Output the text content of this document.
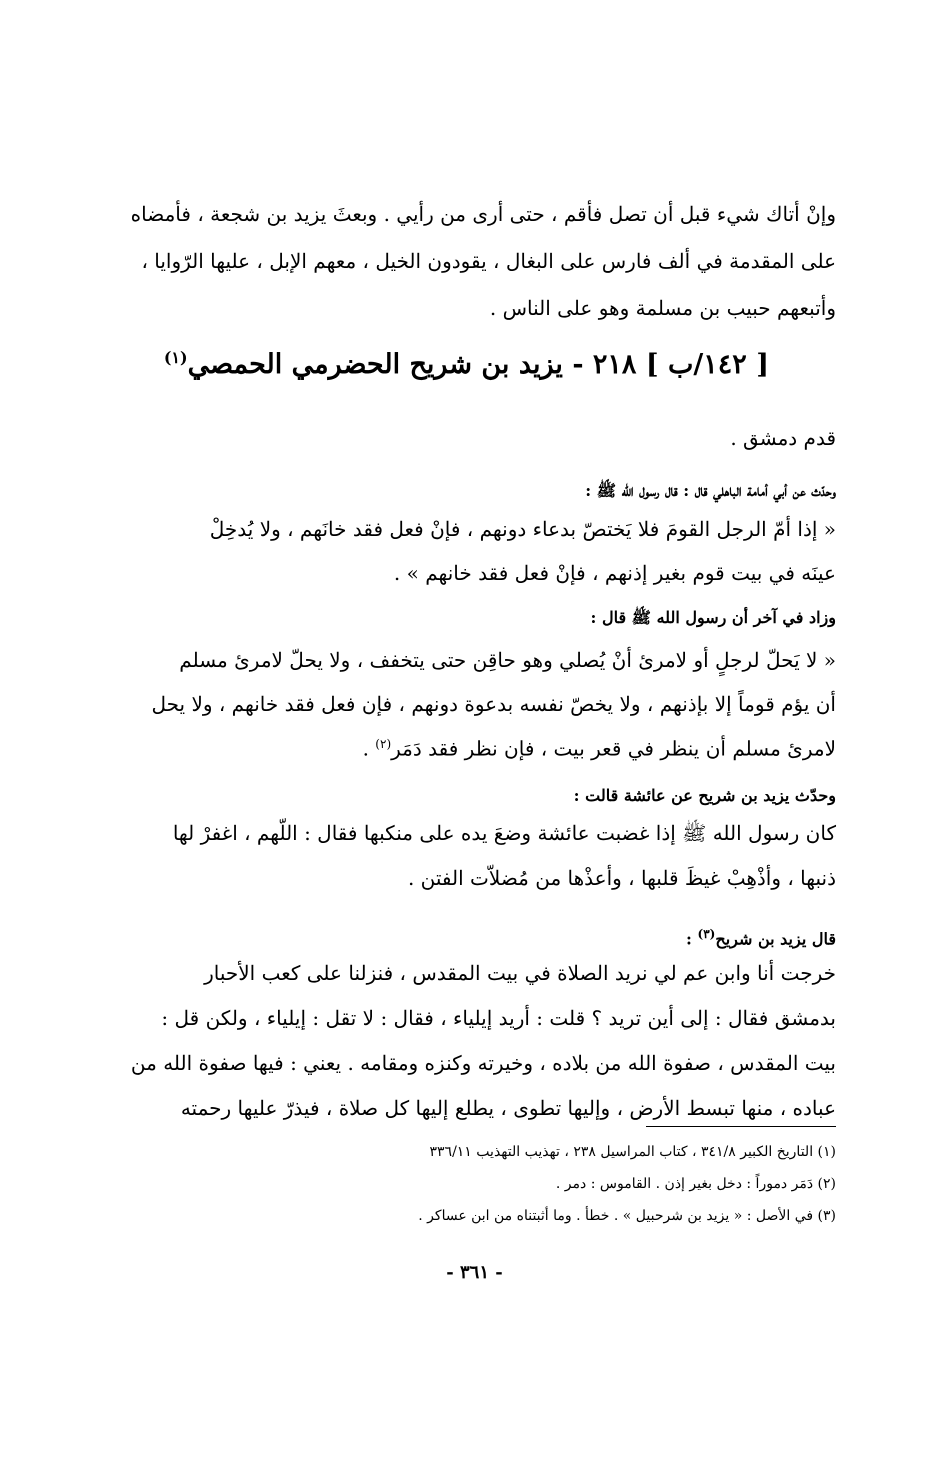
وإنْ أتاك شيء قبل أن تصل فأقم ، حتى أرى من رأيي . وبعثَ يزيد بن شجعة ، فأمضاه
على المقدمة في ألف فارس على البغال ، يقودون الخيل ، معهم الإبل ، عليها الرّوايا ،
وأتبعهم حبيب بن مسلمة وهو على الناس .
[ ١٤٢/ب ] ٢١٨ - يزيد بن شريح الحضرمي الحمصي$^{(١)}$
قدم دمشق .
وحدّث عن أبي أمامة الباهلي قال : قال رسول الله ﷺ :
« إذا أمّ الرجل القومَ فلا يَختصّ بدعاء دونهم ، فإنْ فعل فقد خانَهم ، ولا يُدخِلْ
عينَه في بيت قوم بغير إذنهم ، فإنْ فعل فقد خانهم » .
وزاد في آخر أن رسول الله ﷺ قال :
« لا يَحلّ لرجلٍ أو لامرئ أنْ يُصلي وهو حاقِن حتى يتخفف ، ولا يحلّ لامرئ مسلم
أن يؤم قوماً إلا بإذنهم ، ولا يخصّ نفسه بدعوة دونهم ، فإن فعل فقد خانهم ، ولا يحل
لامرئ مسلم أن ينظر في قعر بيت ، فإن نظر فقد دَمَر$^{(٢)}$ .
وحدّث يزيد بن شريح عن عائشة قالت :
كان رسول الله ﷺ إذا غضبت عائشة وضعَ يده على منكبها فقال : اللّهم ، اغفرْ لها
ذنبها ، وأذْهِبْ غيظَ قلبها ، وأعذْها من مُضلاّت الفتن .
قال يزيد بن شريح$^{(٣)}$ :
خرجت أنا وابن عم لي نريد الصلاة في بيت المقدس ، فنزلنا على كعب الأحبار
بدمشق فقال : إلى أين تريد ؟ قلت : أريد إيلياء ، فقال : لا تقل : إيلياء ، ولكن قل :
بيت المقدس ، صفوة الله من بلاده ، وخيرته وكنزه ومقامه . يعني : فيها صفوة الله من
عباده ، منها تبسط الأرض ، وإليها تطوى ، يطلع إليها كل صلاة ، فيذرّ عليها رحمته
(١) التاريخ الكبير ٣٤١/٨ ، كتاب المراسيل ٢٣٨ ، تهذيب التهذيب ٣٣٦/١١
(٢) دَمَر دموراً : دخل بغير إذن . القاموس : دمر .
(٣) في الأصل : « يزيد بن شرحبيل » . خطأ . وما أثبتناه من ابن عساكر .
- ٣٦١ -
